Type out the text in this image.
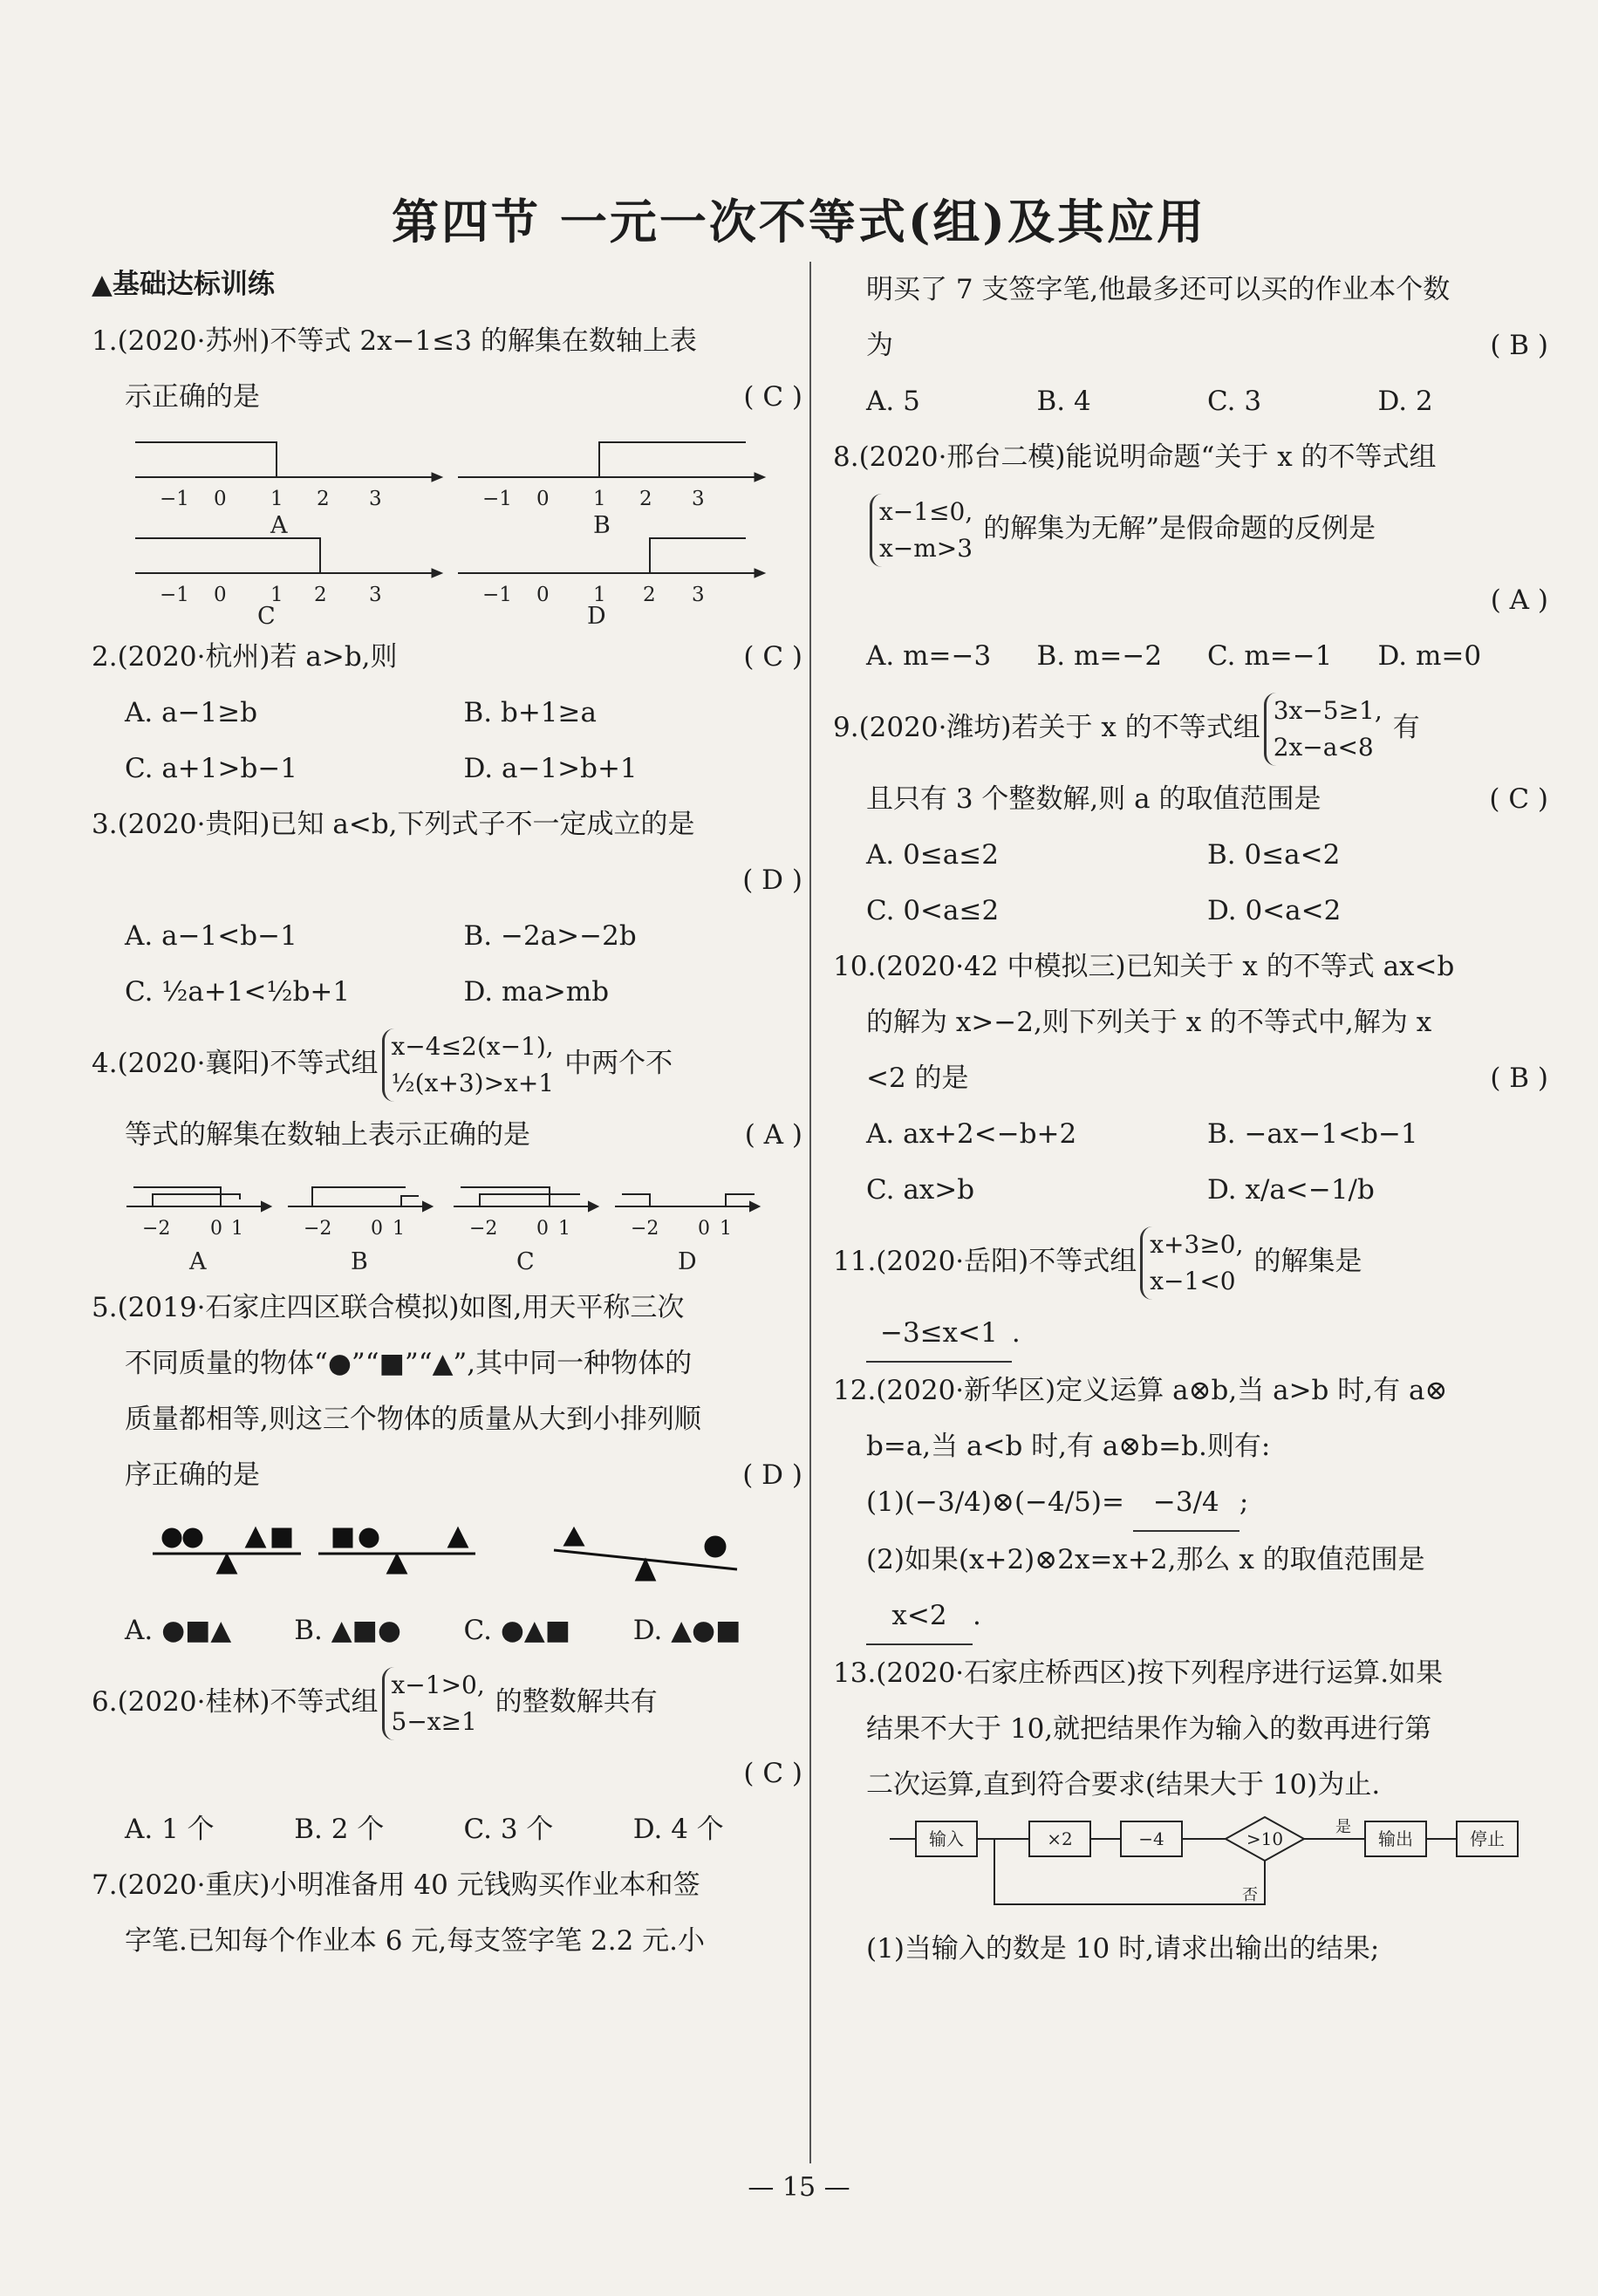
第四节 一元一次不等式(组)及其应用
▲基础达标训练
1.(2020·苏州)不等式 2x−1≤3 的解集在数轴上表
示正确的是	( C )
−1 0 1 2 3	−1 0 1 2 3
−1 0 1 2 3	−1 0 1 2 3
A	B
C	D
2.(2020·杭州)若 a>b,则	( C )
A. a−1≥b	B. b+1≥a
C. a+1>b−1	D. a−1>b+1
3.(2020·贵阳)已知 a<b,下列式子不一定成立的是

( D )
A. a−1<b−1	B. −2a>−2b
C. ½a+1<½b+1	D. ma>mb
4.(2020·襄阳)不等式组
x−4≤2(x−1),
½(x+3)>x+1
中两个不
等式的解集在数轴上表示正确的是	( A )
−2 0 1	−2 0 1	−2 0 1	−2 0 1
A	B	C	D
5.(2019·石家庄四区联合模拟)如图,用天平称三次
不同质量的物体“●”“■”“▲”,其中同一种物体的
质量都相等,则这三个物体的质量从大到小排列顺
序正确的是	( D )
A. ●■▲	B. ▲■●	C. ●▲■	D. ▲●■
6.(2020·桂林)不等式组
x−1>0,
5−x≥1
的整数解共有

( C )
A. 1 个	B. 2 个	C. 3 个	D. 4 个
7.(2020·重庆)小明准备用 40 元钱购买作业本和签
字笔.已知每个作业本 6 元,每支签字笔 2.2 元.小
明买了 7 支签字笔,他最多还可以买的作业本个数
为	( B )
A. 5	B. 4	C. 3	D. 2
8.(2020·邢台二模)能说明命题“关于 x 的不等式组
x−1≤0,
x−m>3
的解集为无解”是假命题的反例是

( A )
A. m=−3	B. m=−2	C. m=−1	D. m=0
9.(2020·潍坊)若关于 x 的不等式组
3x−5≥1,
2x−a<8
有
且只有 3 个整数解,则 a 的取值范围是	( C )
A. 0≤a≤2	B. 0≤a<2
C. 0<a≤2	D. 0<a<2
10.(2020·42 中模拟三)已知关于 x 的不等式 ax<b
的解为 x>−2,则下列关于 x 的不等式中,解为 x
<2 的是	( B )
A. ax+2<−b+2	B. −ax−1<b−1
C. ax>b	D. x/a<−1/b
11.(2020·岳阳)不等式组
x+3≥0,
x−1<0
的解集是
−3≤x<1 .
12.(2020·新华区)定义运算 a⊗b,当 a>b 时,有 a⊗
b=a,当 a<b 时,有 a⊗b=b.则有:
(1)(−3/4)⊗(−4/5)= −3/4 ;
(2)如果(x+2)⊗2x=x+2,那么 x 的取值范围是
x<2 .
13.(2020·石家庄桥西区)按下列程序进行运算.如果
结果不大于 10,就把结果作为输入的数再进行第
二次运算,直到符合要求(结果大于 10)为止.
输入	×2	−4	>10	输出	停止
是
否
(1)当输入的数是 10 时,请求出输出的结果;
— 15 —
